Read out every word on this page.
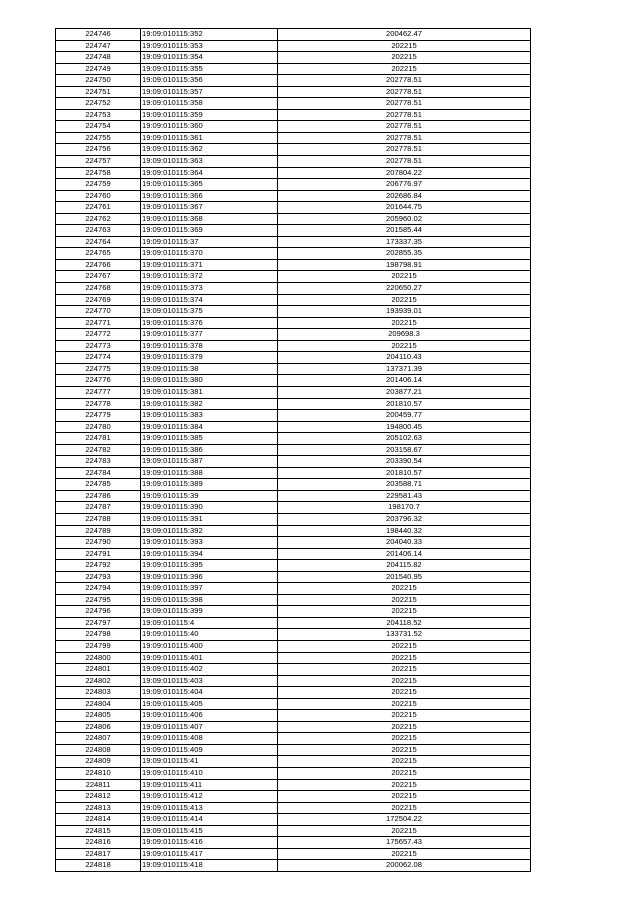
224746	19:09:010115:352	200462.47
224747	19:09:010115:353	202215
224748	19:09:010115:354	202215
224749	19:09:010115:355	202215
224750	19:09:010115:356	202778.51
224751	19:09:010115:357	202778.51
224752	19:09:010115:358	202778.51
224753	19:09:010115:359	202778.51
224754	19:09:010115:360	202778.51
224755	19:09:010115:361	202778.51
224756	19:09:010115:362	202778.51
224757	19:09:010115:363	202778.51
224758	19:09:010115:364	207804.22
224759	19:09:010115:365	206776.97
224760	19:09:010115:366	202686.84
224761	19:09:010115:367	201644.75
224762	19:09:010115:368	205960.02
224763	19:09:010115:369	201585.44
224764	19:09:010115:37	173337.35
224765	19:09:010115:370	202855.35
224766	19:09:010115:371	198798.91
224767	19:09:010115:372	202215
224768	19:09:010115:373	220650.27
224769	19:09:010115:374	202215
224770	19:09:010115:375	193939.01
224771	19:09:010115:376	202215
224772	19:09:010115:377	209698.3
224773	19:09:010115:378	202215
224774	19:09:010115:379	204110.43
224775	19:09:010115:38	137371.39
224776	19:09:010115:380	201406.14
224777	19:09:010115:381	203877.21
224778	19:09:010115:382	201810.57
224779	19:09:010115:383	200459.77
224780	19:09:010115:384	194800.45
224781	19:09:010115:385	205102.63
224782	19:09:010115:386	203158.67
224783	19:09:010115:387	203390.54
224784	19:09:010115:388	201810.57
224785	19:09:010115:389	203588.71
224786	19:09:010115:39	229581.43
224787	19:09:010115:390	198170.7
224788	19:09:010115:391	203796.32
224789	19:09:010115:392	198440.32
224790	19:09:010115:393	204040.33
224791	19:09:010115:394	201406.14
224792	19:09:010115:395	204115.82
224793	19:09:010115:396	201540.95
224794	19:09:010115:397	202215
224795	19:09:010115:398	202215
224796	19:09:010115:399	202215
224797	19:09:010115:4	204118.52
224798	19:09:010115:40	133731.52
224799	19:09:010115:400	202215
224800	19:09:010115:401	202215
224801	19:09:010115:402	202215
224802	19:09:010115:403	202215
224803	19:09:010115:404	202215
224804	19:09:010115:405	202215
224805	19:09:010115:406	202215
224806	19:09:010115:407	202215
224807	19:09:010115:408	202215
224808	19:09:010115:409	202215
224809	19:09:010115:41	202215
224810	19:09:010115:410	202215
224811	19:09:010115:411	202215
224812	19:09:010115:412	202215
224813	19:09:010115:413	202215
224814	19:09:010115:414	172504.22
224815	19:09:010115:415	202215
224816	19:09:010115:416	175657.43
224817	19:09:010115:417	202215
224818	19:09:010115:418	200062.08
